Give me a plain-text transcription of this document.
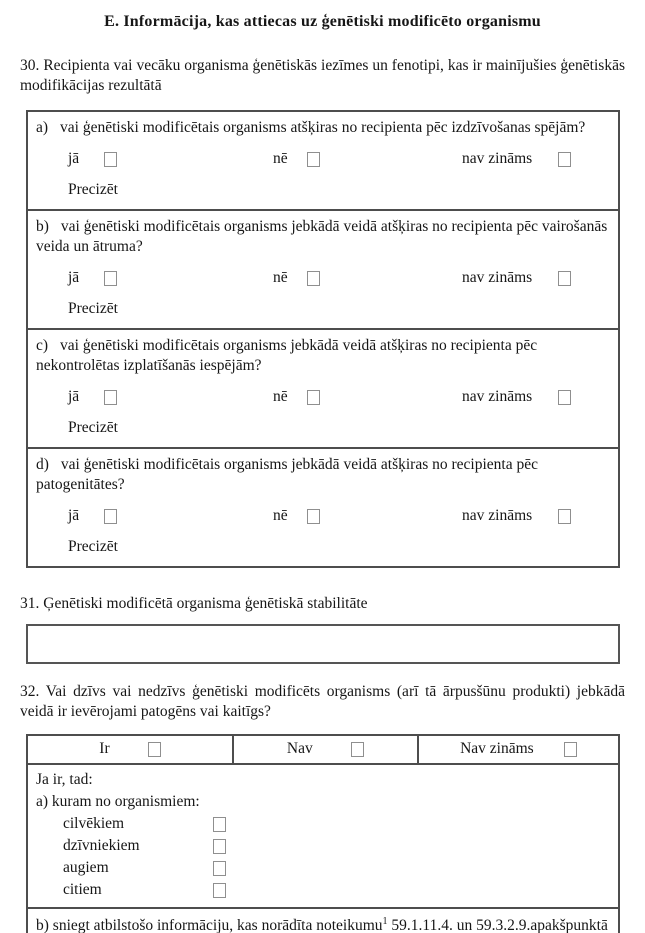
E. Informācija, kas attiecas uz ģenētiski modificēto organismu
30. Recipienta vai vecāku organisma ģenētiskās iezīmes un fenotipi, kas ir mainījušies ģenētiskās modifikācijas rezultātā
a) vai ģenētiski modificētais organisms atšķiras no recipienta pēc izdzīvošanas spējām?
jā	nē	nav zināms
Precizēt
b) vai ģenētiski modificētais organisms jebkādā veidā atšķiras no recipienta pēc vairošanās veida un ātruma?
jā	nē	nav zināms
Precizēt
c) vai ģenētiski modificētais organisms jebkādā veidā atšķiras no recipienta pēc nekontrolētas izplatīšanās iespējām?
jā	nē	nav zināms
Precizēt
d) vai ģenētiski modificētais organisms jebkādā veidā atšķiras no recipienta pēc patogenitātes?
jā	nē	nav zināms
Precizēt
31. Ģenētiski modificētā organisma ģenētiskā stabilitāte
32. Vai dzīvs vai nedzīvs ģenētiski modificēts organisms (arī tā ārpusšūnu produkti) jebkādā veidā ir ievērojami patogēns vai kaitīgs?
Ir	Nav	Nav zināms
Ja ir, tad:
a) kuram no organismiem:
cilvēkiem
dzīvniekiem
augiem
citiem
b) sniegt atbilstošo informāciju, kas norādīta noteikumu$^1$ 59.1.11.4. un 59.3.2.9.apakšpunktā
